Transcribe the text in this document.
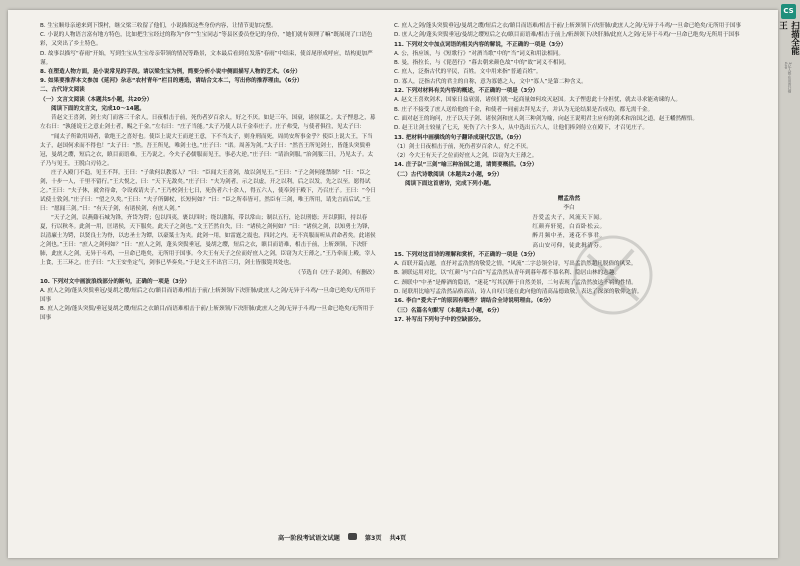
B. 生宝顺母亲递来到下馍村，继父梁三收留了他们，小说描叙这些身份内容，让情节更加完整。

C. 小说的人物语言富有地方特色，比如把生宝经过的称为“你”“生宝同志”等县区委员登记的身份，“她们就有领理了嘛”既展现了口语色彩，又突出了乡土特色。

D. 故事以描写“春雨”开始，写到生宝从生宝母亲带领的情况等路景，文本最后看到在发落“春雨”中结束，使首尾形成呼应，结构更加严谨。

8. 在塑造人物方面，是小说常见的手段。请以梁生宝为例，简要分析小说中侧面描写人物的艺术。（6分）

9. 如果要推荐本文参加《延河》杂志“农村青年”栏目的遴选，请结合文本二，写出你的推荐理由。（6分）

二、古代诗文阅读

（一）文言文阅读（本题共5小题，共20分）

阅读下面的文言文，完成10～14题。

昔赵文王喜剑，剑士夹门而客三千余人，日夜相击于前，死伤者岁百余人，好之不厌。如是三年，国衰，诸侯谋之。太子悝患之，募左右曰：“孰能说王之意止剑士者，赐之千金。”左右曰：“庄子当能。”太子乃使人以千金奉庄子。庄子弗受，与使者俱往，见太子曰：

“闻太子所欲用周者，欲绝王之喜好也。使臣上说大王而逆王意，下不当太子，则身刑而死，周尚安所事金乎？使臣上说大王，下当太子，赵国何求而不得也！”太子曰：“然。吾王所见，唯剑士也。”庄子曰：“诺。周善为剑。”太子曰：“然吾王所见剑士，皆蓬头突鬓垂冠，曼胡之缨，短后之衣，瞋目而语难，王乃说之。今夫子必儒服而见王，事必大逆。”庄子曰：“请治剑服。”治剑服三日，乃见太子。太子乃与见王，王脱白刃待之。

庄子入殿门不趋，见王不拜。王曰：“子欲何以教寡人？”曰：“臣闻大王喜剑，故以剑见王。”王曰：“子之剑何能禁制？”曰：“臣之剑，十步一人，千里不留行。”王大悦之，曰：“天下无敌矣。”庄子曰：“夫为剑者，示之以虚，开之以利，后之以发，先之以至。愿得试之。”王曰：“夫子休，就舍待命，令设戏请夫子。”王乃校剑士七日，死伤者六十余人，得五六人，使奉剑于殿下，乃召庄子。王曰：“今日试使士敦剑。”庄子曰：“望之久矣。”王曰：“夫子所御杖，长短何如？”曰：“臣之所奉皆可。然臣有三剑，唯王所用，请先言而后试。”王曰：“愿闻三剑。”曰：“有天子剑，有诸侯剑，有庶人剑。”

“天子之剑，以燕谿石城为锋，齐岱为锷；包以四夷，裹以四时；绕以渤海，带以常山；制以五行，论以刑德；开以阴阳，持以春夏，行以秋冬。此剑一用，匡诸侯，天下服矣。此天子之剑也。”文王芒然自失，曰：“诸侯之剑何如？”曰：“诸侯之剑，以知勇士为锋，以清廉士为锷，以贤良士为脊，以忠圣士为镡，以豪桀士为夹。此剑一用，如雷霆之震也，四封之内，无不宾服而听从君命者矣。此诸侯之剑也。”王曰：“庶人之剑何如？”曰：“庶人之剑，蓬头突鬓垂冠，曼胡之缨，短后之衣，瞋目而语难，相击于前，上斩颈领，下决肝肺，此庶人之剑，无异于斗鸡，一旦命已绝矣，无所用于国事。今大王有天子之位而好庶人之剑，臣窃为大王薄之。”王乃牵而上殿，宰人上食，王三环之。庄子曰：“大王安坐定气，剑事已毕奏矣。”于是文王不出宫三月，剑士皆服毙其处也。

（节选自《庄子·说剑》，有删改）

10. 下列对文中画波浪线部分的断句，正确的一项是（3分）

A. 庶人之剑/蓬头突鬓垂冠/曼胡之缨/短后之衣/瞋目而语难/相击于前/上斩颈领/下决肝肺/此庶人之剑/无异于斗鸡/一旦命已绝矣/无所用于国事

B. 庶人之剑/蓬头突鬓/垂冠曼胡之缨/短后之衣瞋目/而语难相击于前/上斩颈领/下决肝肺/此庶人之剑/无异于斗鸡/一旦命已绝矣/无所用于国事

C. 庶人之剑/蓬头突鬓垂冠/曼胡之缨/短后之衣/瞋目而语难/相击于前/上斩颈领下/决肝肺/此庶人之剑/无异于斗鸡/一旦命已绝矣/无所用于国事

D. 庶人之剑/蓬头突鬓垂冠/曼胡之缨短后之衣/瞋目而语难/相击于前上/斩颈领下/决肝肺/此庶人之剑/无异于斗鸡/一旦命已绝矣/无所用于国事

11. 下列对文中加点词语的相关内容的解说，不正确的一项是（3分）

A. 公，指应该，与《短歌行》“对酒当歌”中的“当”词义和用法相同。

B. 曼，指拉长，与《琵琶行》“暮去朝来颜色故”中的“故”词义不相同。

C. 庶人，泛指古代的平民，百姓。文中用来指“普通百姓”。

D. 寡人，泛指古代的君主的自称，意为寡德之人，文中“寡人”是第二种含义。

12. 下列对材料有关内容的概述，不正确的一项是（3分）

A. 赵文王喜欢剑术，国家日益衰弱，诸侯们就一起商量如何攻灭赵国。太子悝患此十分担忧，就去寻求能劝谏的人。

B. 庄子不接受了庶人送给他的千金，和使者一同前去拜见太子，并认为无论结果是否成功，都无需千金。

C. 面对赵王的询问，庄子以天子剑、诸侯剑和庶人剑三种剑为喻，向赵王说明君主应有的剑术和治国之道，赵王幡然醒悟。

D. 赵王让剑士较量了七天，死伤了六十多人，从中选出五六人，让他们捧剑侍立在殿下，才召见庄子。

13. 把材料中画横线的句子翻译成现代汉语。（8分）

（1）剑士日夜相击于前，死伤者岁百余人，好之不厌。

（2）今大王有天子之位而好庶人之剑，臣窃为大王薄之。

14. 庄子以“三剑”喻三种治国之道，请简要概括。（3分）

（二）古代诗歌阅读（本题共2小题，9分）

阅读下面这首唐诗，完成下列小题。

赠孟浩然

李白

吾爱孟夫子，风流天下闻。

红颜弃轩冕，白首卧松云。

醉月频中圣，迷花不事君。

高山安可仰，徒此揖清芬。

15. 下列对这首诗的理解和赏析，不正确的一项是（3分）

A. 首联开篇点题，直抒对孟浩然的敬爱之情，“风流”二字总领全诗，写出孟浩然超凡脱俗的风采。

B. 颔联运用对比，以“红颜”与“白首”写孟浩然从青年到暮年都不慕名利、隐居山林的志趣。

C. 颈联中“中圣”是醉酒的隐语，“迷花”写其沉醉于自然美景，二句表现了孟浩然放达不羁的性情。

D. 尾联用比喻写孟浩然品格高洁，诗人自叹只能在此向他的清高品德致敬，表达了深深的敬仰之情。

16. 李白“爱夫子”的原因有哪些？请结合全诗说明理由。（6分）

（三）名篇名句默写（本题共1小题，6分）

17. 补写出下列句子中的空缺部分。

高一阶段考试语文试题	第3页 共4页
CS
扫描全能王
3亿人都在用的扫描App
